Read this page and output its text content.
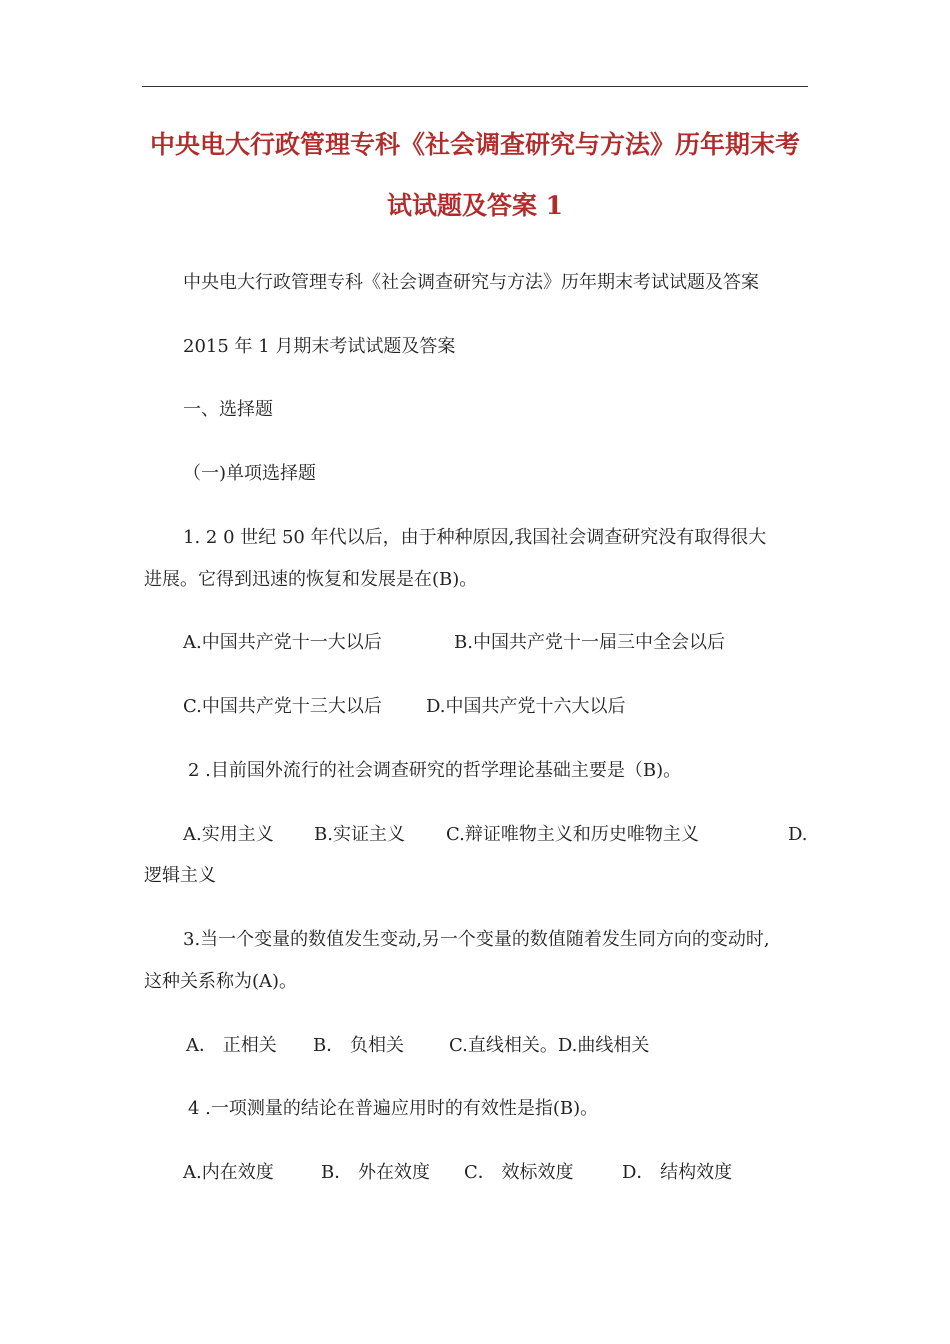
中央电大行政管理专科《社会调查研究与方法》历年期末考
试试题及答案 1
中央电大行政管理专科《社会调查研究与方法》历年期末考试试题及答案
2015 年 1 月期末考试试题及答案
一、选择题
（一)单项选择题
1. 2 0 世纪 50 年代以后，由于种种原因,我国社会调查研究没有取得很大
进展。它得到迅速的恢复和发展是在(B)。
A.中国共产党十一大以后	B.中国共产党十一届三中全会以后
C.中国共产党十三大以后 D.中国共产党十六大以后
2 .目前国外流行的社会调查研究的哲学理论基础主要是（B)。
A.实用主义 B.实证主义 C.辩证唯物主义和历史唯物主义	D.
逻辑主义
3.当一个变量的数值发生变动,另一个变量的数值随着发生同方向的变动时,
这种关系称为(A)。
A． 正相关 B． 负相关	C.直线相关。D.曲线相关
4 .一项测量的结论在普遍应用时的有效性是指(B)。
A.内在效度	B． 外在效度 C． 效标效度	D． 结构效度
